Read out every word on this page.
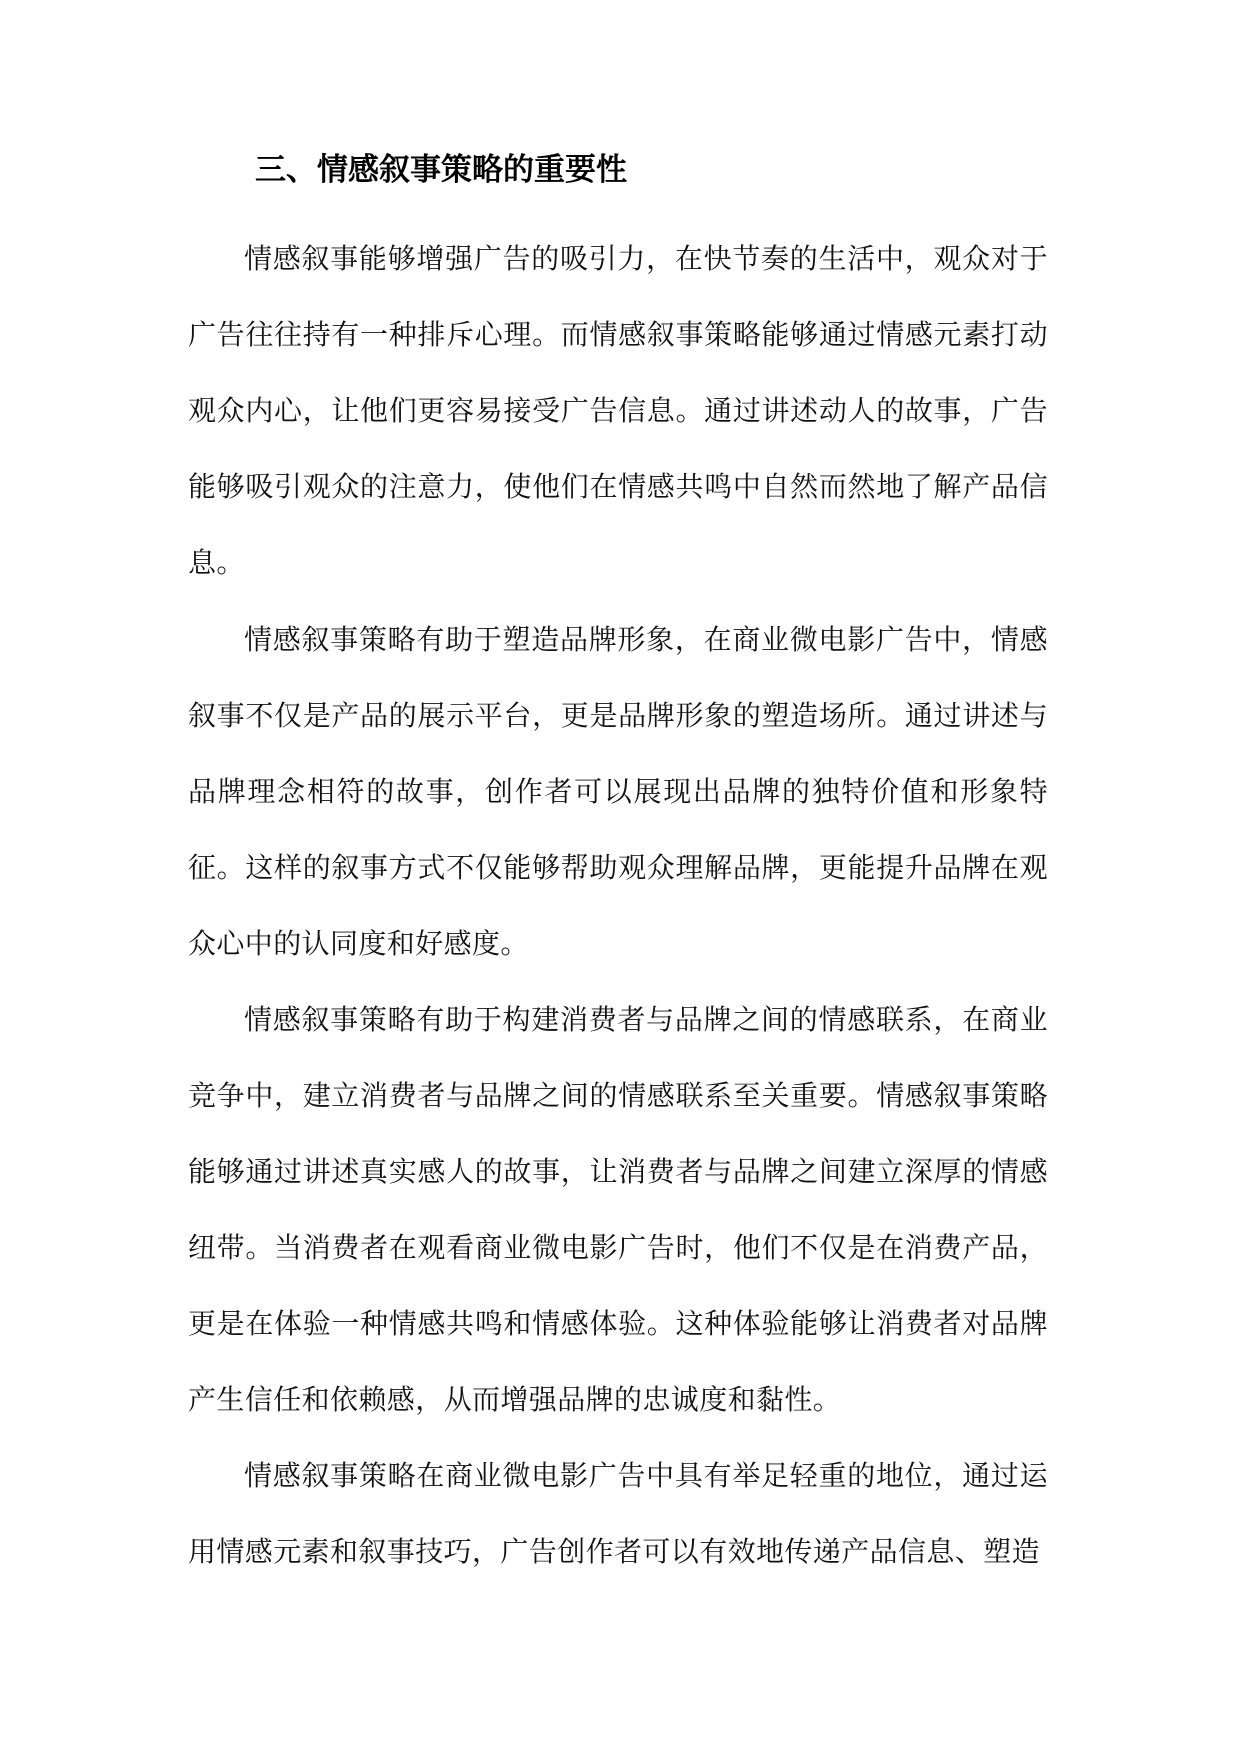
三、情感叙事策略的重要性

情感叙事能够增强广告的吸引力，在快节奏的生活中，观众对于广告往往持有一种排斥心理。而情感叙事策略能够通过情感元素打动观众内心，让他们更容易接受广告信息。通过讲述动人的故事，广告能够吸引观众的注意力，使他们在情感共鸣中自然而然地了解产品信息。

情感叙事策略有助于塑造品牌形象，在商业微电影广告中，情感叙事不仅是产品的展示平台，更是品牌形象的塑造场所。通过讲述与品牌理念相符的故事，创作者可以展现出品牌的独特价值和形象特征。这样的叙事方式不仅能够帮助观众理解品牌，更能提升品牌在观众心中的认同度和好感度。

情感叙事策略有助于构建消费者与品牌之间的情感联系，在商业竞争中，建立消费者与品牌之间的情感联系至关重要。情感叙事策略能够通过讲述真实感人的故事，让消费者与品牌之间建立深厚的情感纽带。当消费者在观看商业微电影广告时，他们不仅是在消费产品，更是在体验一种情感共鸣和情感体验。这种体验能够让消费者对品牌产生信任和依赖感，从而增强品牌的忠诚度和黏性。

情感叙事策略在商业微电影广告中具有举足轻重的地位，通过运用情感元素和叙事技巧，广告创作者可以有效地传递产品信息、塑造
